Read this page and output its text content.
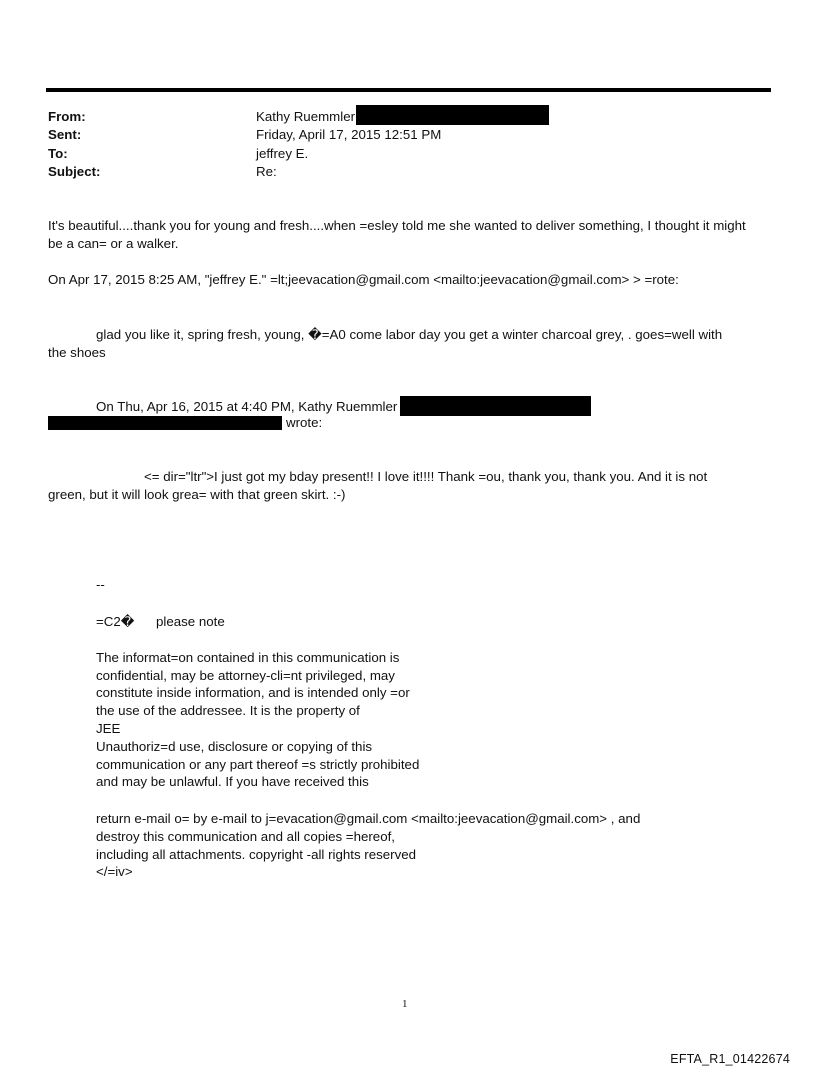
From:	Kathy Ruemmler
Sent:	Friday, April 17, 2015 12:51 PM
To:	jeffrey E.
Subject:	Re:
It's beautiful....thank you for young and fresh....when =esley told me she wanted to deliver something, I thought it might
be a can= or a walker.
On Apr 17, 2015 8:25 AM, "jeffrey E." =lt;jeevacation@gmail.com <mailto:jeevacation@gmail.com> > =rote:
glad you like it, spring fresh, young, �=A0 come labor day you get a winter charcoal grey, . goes=well with
the shoes
On Thu, Apr 16, 2015 at 4:40 PM, Kathy Ruemmler
wrote:
<= dir="ltr">I just got my bday present!! I love it!!!! Thank =ou, thank you, thank you. And it is not
green, but it will look grea= with that green skirt. :-)
--
=C2� please note
The informat=on contained in this communication is
confidential, may be attorney-cli=nt privileged, may
constitute inside information, and is intended only =or
the use of the addressee. It is the property of
JEE
Unauthoriz=d use, disclosure or copying of this
communication or any part thereof =s strictly prohibited
and may be unlawful. If you have received this
return e-mail o= by e-mail to j=evacation@gmail.com <mailto:jeevacation@gmail.com> , and
destroy this communication and all copies =hereof,
including all attachments. copyright -all rights reserved
</=iv>
1
EFTA_R1_01422674
